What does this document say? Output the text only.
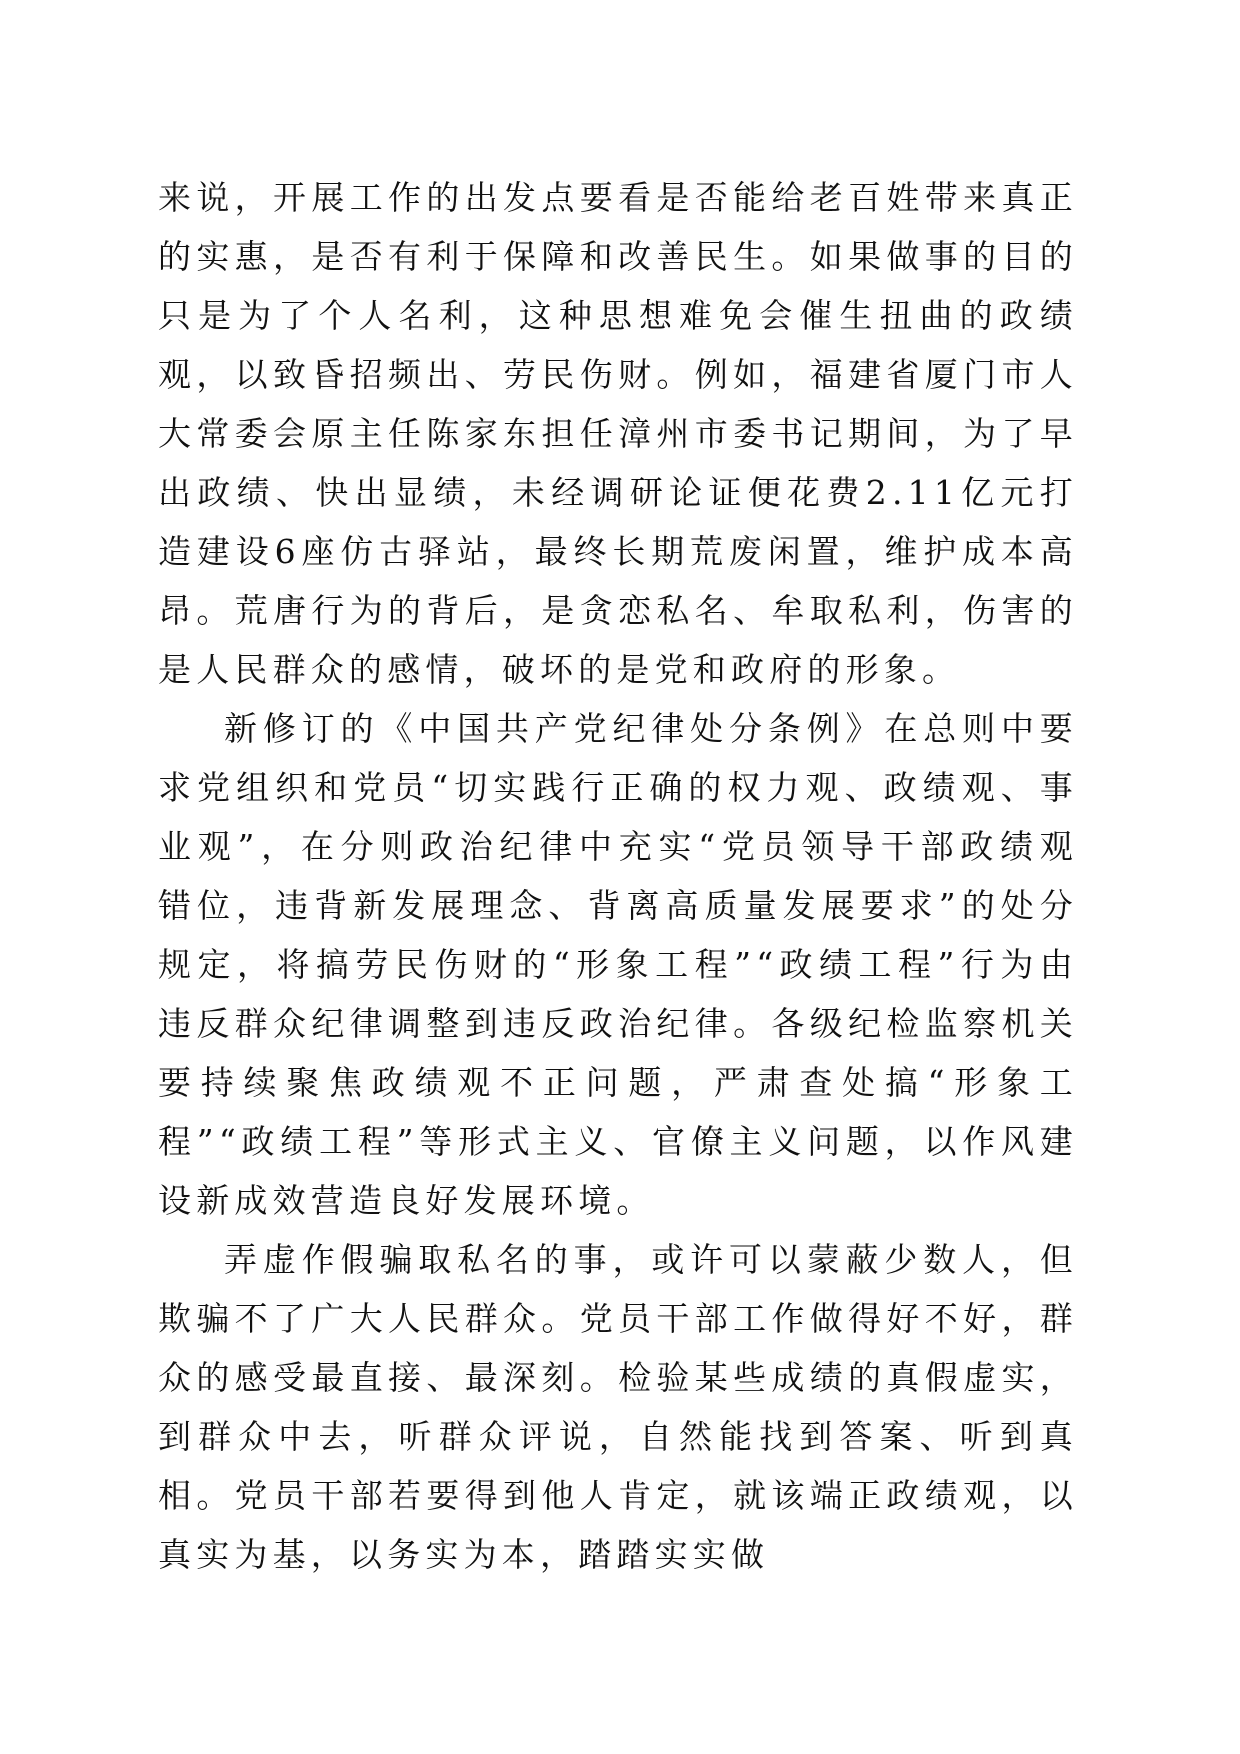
来说，开展工作的出发点要看是否能给老百姓带来真正的实惠，是否有利于保障和改善民生。如果做事的目的只是为了个人名利，这种思想难免会催生扭曲的政绩观，以致昏招频出、劳民伤财。例如，福建省厦门市人大常委会原主任陈家东担任漳州市委书记期间，为了早出政绩、快出显绩，未经调研论证便花费2.11亿元打造建设6座仿古驿站，最终长期荒废闲置，维护成本高昂。荒唐行为的背后，是贪恋私名、牟取私利，伤害的是人民群众的感情，破坏的是党和政府的形象。

新修订的《中国共产党纪律处分条例》在总则中要求党组织和党员“切实践行正确的权力观、政绩观、事业观”，在分则政治纪律中充实“党员领导干部政绩观错位，违背新发展理念、背离高质量发展要求”的处分规定，将搞劳民伤财的“形象工程”“政绩工程”行为由违反群众纪律调整到违反政治纪律。各级纪检监察机关要持续聚焦政绩观不正问题，严肃查处搞“形象工程”“政绩工程”等形式主义、官僚主义问题，以作风建设新成效营造良好发展环境。

弄虚作假骗取私名的事，或许可以蒙蔽少数人，但欺骗不了广大人民群众。党员干部工作做得好不好，群众的感受最直接、最深刻。检验某些成绩的真假虚实，到群众中去，听群众评说，自然能找到答案、听到真相。党员干部若要得到他人肯定，就该端正政绩观，以真实为基，以务实为本，踏踏实实做
